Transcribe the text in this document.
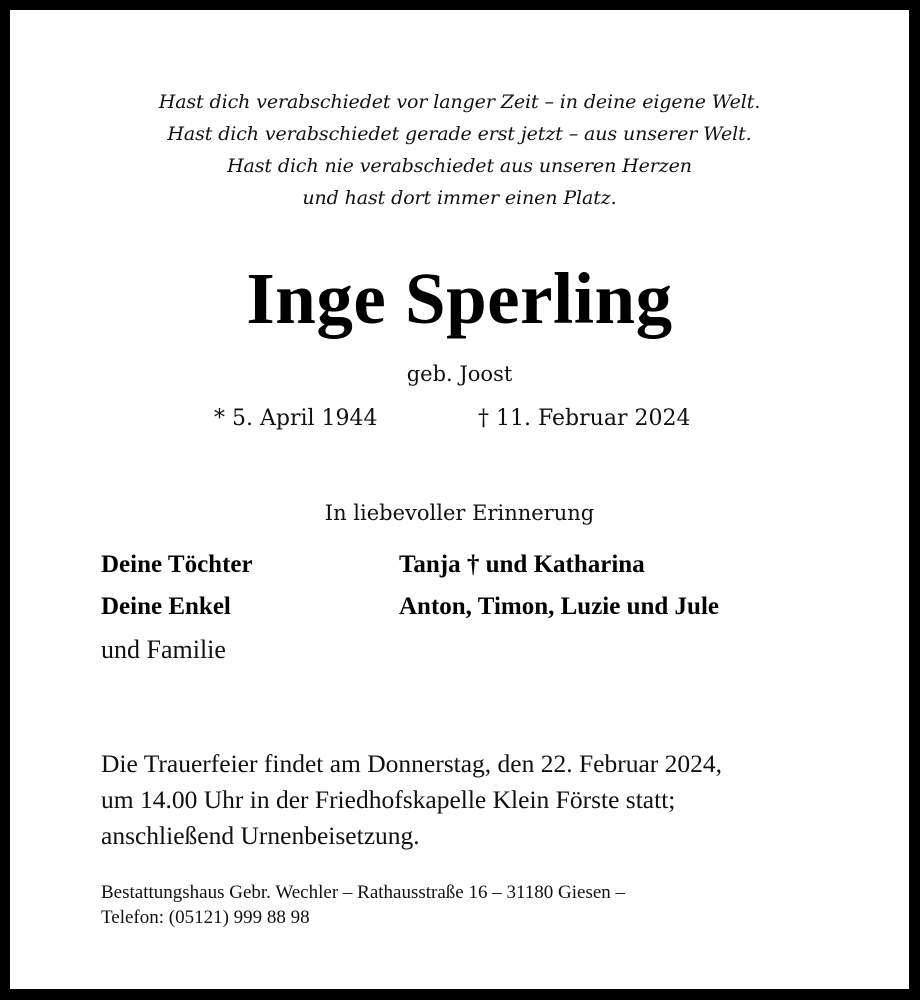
Hast dich verabschiedet vor langer Zeit – in deine eigene Welt.
Hast dich verabschiedet gerade erst jetzt – aus unserer Welt.
Hast dich nie verabschiedet aus unseren Herzen
und hast dort immer einen Platz.
Inge Sperling
geb. Joost
* 5. April 1944	† 11. Februar 2024
In liebevoller Erinnerung
Deine Töchter	Tanja † und Katharina
Deine Enkel	Anton, Timon, Luzie und Jule
und Familie
Die Trauerfeier findet am Donnerstag, den 22. Februar 2024,
um 14.00 Uhr in der Friedhofskapelle Klein Förste statt;
anschließend Urnenbeisetzung.
Bestattungshaus Gebr. Wechler – Rathausstraße 16 – 31180 Giesen –
Telefon: (05121) 999 88 98
